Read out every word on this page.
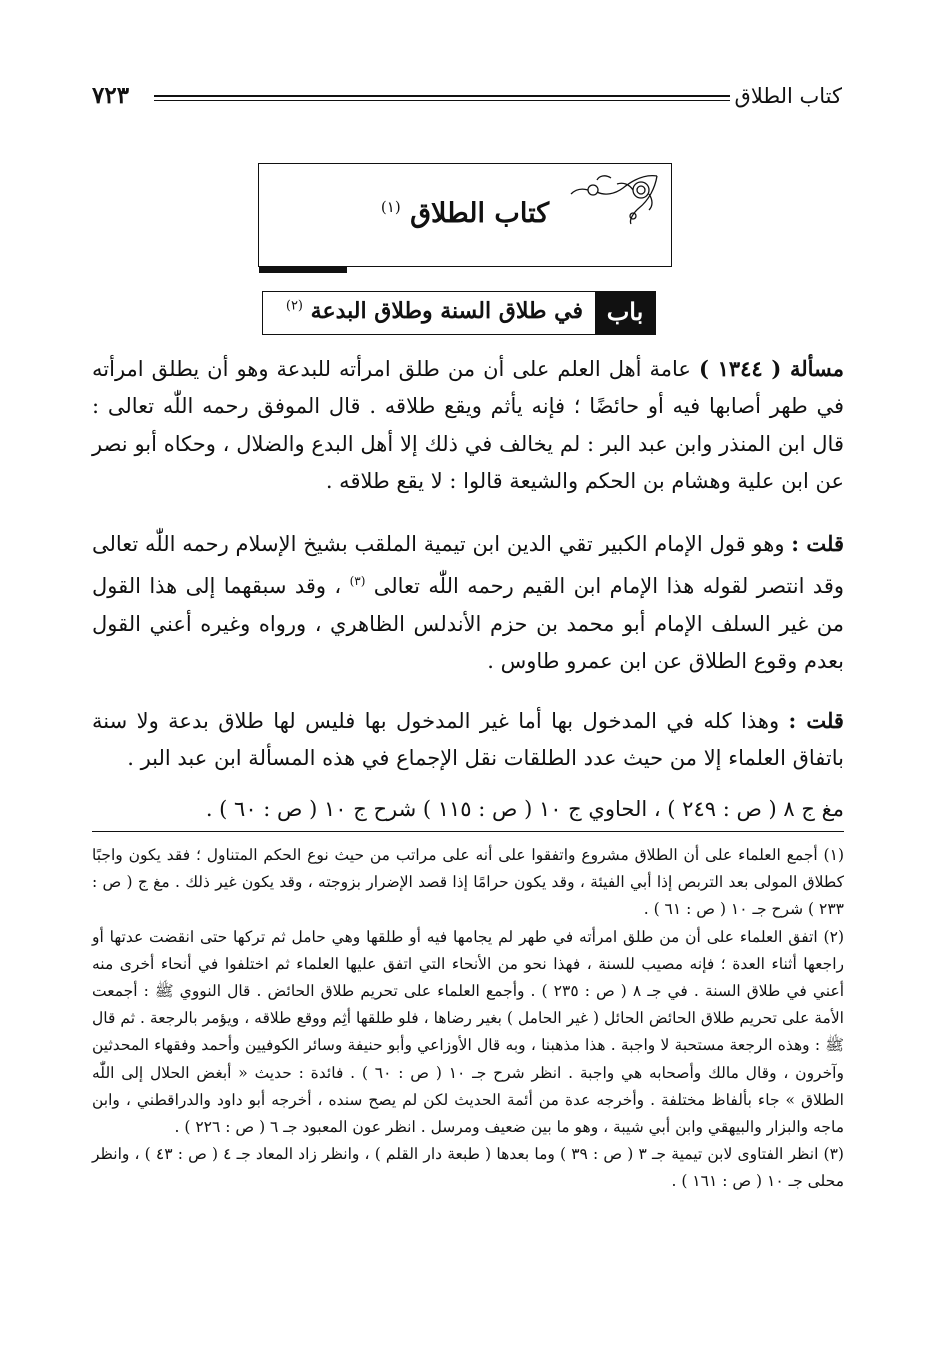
كتاب الطلاق
٧٢٣
كتاب الطلاق $^{(١)}$
باب
في طلاق السنة وطلاق البدعة $^{(٢)}$

مسألة ( ١٣٤٤ ) عامة أهل العلم على أن من طلق امرأته للبدعة وهو أن يطلق امرأته في طهر أصابها فيه أو حائضًا ؛ فإنه يأثم ويقع طلاقه . قال الموفق رحمه اللّٰه تعالى : قال ابن المنذر وابن عبد البر : لم يخالف في ذلك إلا أهل البدع والضلال ، وحكاه أبو نصر عن ابن علية وهشام بن الحكم والشيعة قالوا : لا يقع طلاقه .

قلت : وهو قول الإمام الكبير تقي الدين ابن تيمية الملقب بشيخ الإسلام رحمه اللّٰه تعالى وقد انتصر لقوله هذا الإمام ابن القيم رحمه اللّٰه تعالى $^{(٣)}$ ، وقد سبقهما إلى هذا القول من غير السلف الإمام أبو محمد بن حزم الأندلس الظاهري ، ورواه وغيره أعني القول بعدم وقوع الطلاق عن ابن عمرو طاوس .

قلت : وهذا كله في المدخول بها أما غير المدخول بها فليس لها طلاق بدعة ولا سنة باتفاق العلماء إلا من حيث عدد الطلقات نقل الإجماع في هذه المسألة ابن عبد البر .

مغ ج ٨ ( ص : ٢٤٩ ) ، الحاوي ج ١٠ ( ص : ١١٥ ) شرح ج ١٠ ( ص : ٦٠ ) .

(١) أجمع العلماء على أن الطلاق مشروع واتفقوا على أنه على مراتب من حيث نوع الحكم المتناول ؛ فقد يكون واجبًا كطلاق المولى بعد التربص إذا أبي الفيئة ، وقد يكون حرامًا إذا قصد الإضرار بزوجته ، وقد يكون غير ذلك . مغ ج ( ص : ٢٣٣ ) شرح جـ ١٠ ( ص : ٦١ ) .

(٢) اتفق العلماء على أن من طلق امرأته في طهر لم يجامها فيه أو طلقها وهي حامل ثم تركها حتى انقضت عدتها أو راجعها أثناء العدة ؛ فإنه مصيب للسنة ، فهذا نحو من الأنحاء التي اتفق عليها العلماء ثم اختلفوا في أنحاء أخرى منه أعني في طلاق السنة . في جـ ٨ ( ص : ٢٣٥ ) . وأجمع العلماء على تحريم طلاق الحائض . قال النووي ﷺ : أجمعت الأمة على تحريم طلاق الحائض الحائل ( غير الحامل ) بغير رضاها ، فلو طلقها أثِم ووقع طلاقه ، ويؤمر بالرجعة . ثم قال ﷺ : وهذه الرجعة مستحبة لا واجبة . هذا مذهبنا ، وبه قال الأوزاعي وأبو حنيفة وسائر الكوفيين وأحمد وفقهاء المحدثين وآخرون ، وقال مالك وأصحابه هي واجبة . انظر شرح جـ ١٠ ( ص : ٦٠ ) . فائدة : حديث « أبغض الحلال إلى اللّٰه الطلاق » جاء بألفاظ مختلفة . وأخرجه عدة من أئمة الحديث لكن لم يصح سنده ، أخرجه أبو داود والدراقطني ، وابن ماجه والبزار والبيهقي وابن أبي شيبة ، وهو ما بين ضعيف ومرسل . انظر عون المعبود جـ ٦ ( ص : ٢٢٦ ) .

(٣) انظر الفتاوى لابن تيمية جـ ٣ ( ص : ٣٩ ) وما بعدها ( طبعة دار القلم ) ، وانظر زاد المعاد جـ ٤ ( ص : ٤٣ ) ، وانظر محلى جـ ١٠ ( ص : ١٦١ ) .
